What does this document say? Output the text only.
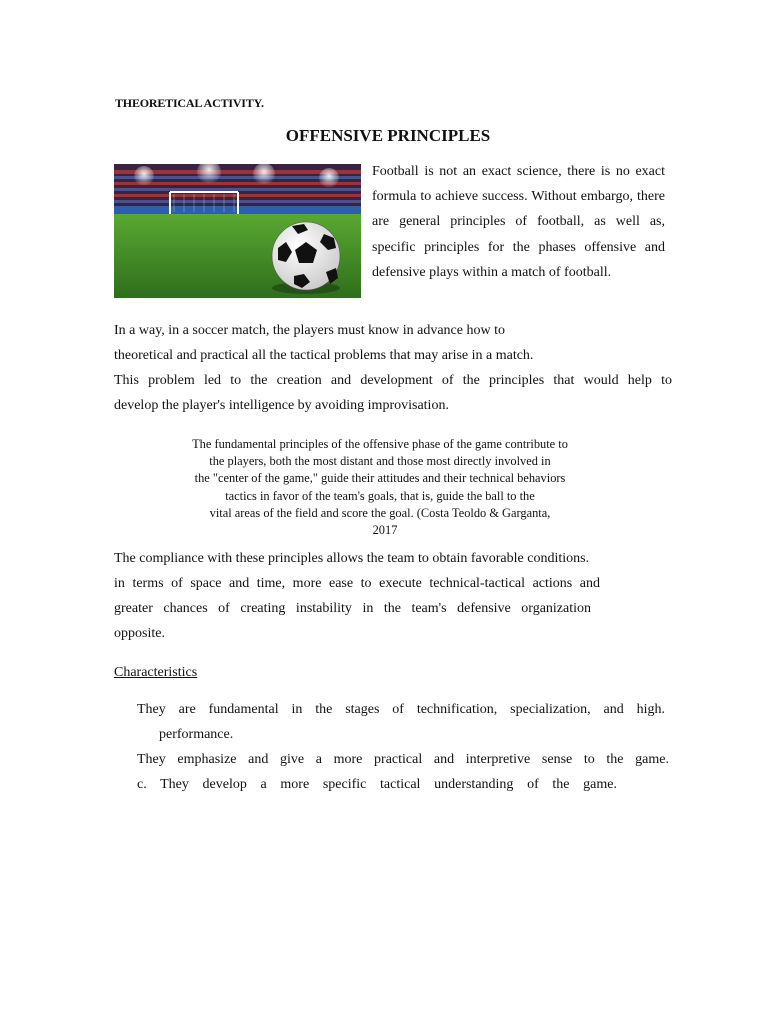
THEORETICAL ACTIVITY.
OFFENSIVE PRINCIPLES
Football is not an exact science, there is no exact formula to achieve success. Without embargo, there are general principles of football, as well as, specific principles for the phases offensive and defensive plays within a match of football.
In a way, in a soccer match, the players must know in advance how to
theoretical and practical all the tactical problems that may arise in a match.
This problem led to the creation and development of the principles that would help to
develop the player's intelligence by avoiding improvisation.
The fundamental principles of the offensive phase of the game contribute to
the players, both the most distant and those most directly involved in
the "center of the game," guide their attitudes and their technical behaviors
tactics in favor of the team's goals, that is, guide the ball to the
vital areas of the field and score the goal. (Costa Teoldo & Garganta,
2017
The compliance with these principles allows the team to obtain favorable conditions.
in terms of space and time, more ease to execute technical-tactical actions and
greater chances of creating instability in the team's defensive organization
opposite.
Characteristics
They are fundamental in the stages of technification, specialization, and high.
performance.
They emphasize and give a more practical and interpretive sense to the game.
c. They develop a more specific tactical understanding of the game.
